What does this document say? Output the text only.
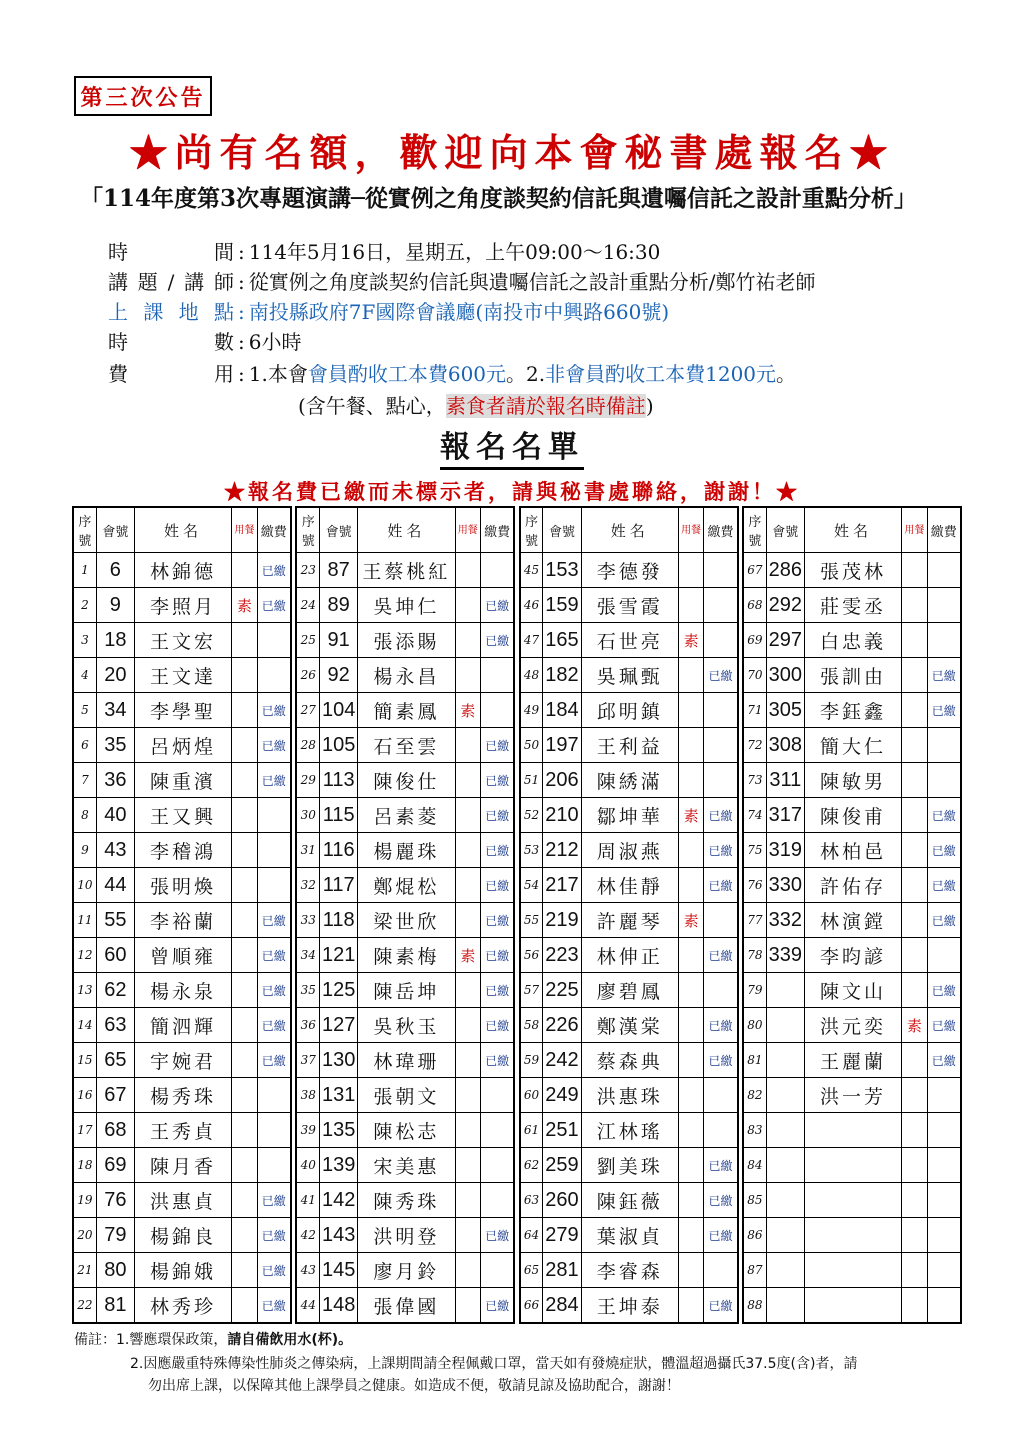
第三次公告
★尚有名額，歡迎向本會秘書處報名★
「114年度第3次專題演講─從實例之角度談契約信託與遺囑信託之設計重點分析」
時間 : 114年5月16日，星期五，上午09:00～16:30
講題/講師 : 從實例之角度談契約信託與遺囑信託之設計重點分析/鄭竹祐老師
上課地點 : 南投縣政府7F國際會議廳(南投市中興路660號)
時數 : 6小時
費用 : 1.本會會員酌收工本費600元。2.非會員酌收工本費1200元。
(含午餐、點心，素食者請於報名時備註)
報名名單
★報名費已繳而未標示者，請與秘書處聯絡，謝謝！★
序號	會號	姓名	用餐	繳費
1	6	林錦德		已繳
2	9	李照月	素	已繳
3	18	王文宏		
4	20	王文達		
5	34	李學聖		已繳
6	35	呂炳煌		已繳
7	36	陳重濱		已繳
8	40	王又興		
9	43	李稽鴻		
10	44	張明煥		
11	55	李裕蘭		已繳
12	60	曾順雍		已繳
13	62	楊永泉		已繳
14	63	簡泗輝		已繳
15	65	宇婉君		已繳
16	67	楊秀珠		
17	68	王秀貞		
18	69	陳月香		
19	76	洪惠貞		已繳
20	79	楊錦良		已繳
21	80	楊錦娥		已繳
22	81	林秀珍		已繳
序號	會號	姓名	用餐	繳費
23	87	王蔡桃紅		
24	89	吳坤仁		已繳
25	91	張添賜		已繳
26	92	楊永昌		
27	104	簡素鳳	素	
28	105	石至雲		已繳
29	113	陳俊仕		已繳
30	115	呂素菱		已繳
31	116	楊麗珠		已繳
32	117	鄭焜松		已繳
33	118	梁世欣		已繳
34	121	陳素梅	素	已繳
35	125	陳岳坤		已繳
36	127	吳秋玉		已繳
37	130	林瑋珊		已繳
38	131	張朝文		
39	135	陳松志		
40	139	宋美惠		
41	142	陳秀珠		
42	143	洪明登		已繳
43	145	廖月鈴		
44	148	張偉國		已繳
序號	會號	姓名	用餐	繳費
45	153	李德發		
46	159	張雪霞		
47	165	石世亮	素	
48	182	吳珮甄		已繳
49	184	邱明鎮		
50	197	王利益		
51	206	陳綉滿		
52	210	鄒坤華	素	已繳
53	212	周淑燕		已繳
54	217	林佳靜		已繳
55	219	許麗琴	素	
56	223	林伸正		已繳
57	225	廖碧鳳		
58	226	鄭漢棠		已繳
59	242	蔡森典		已繳
60	249	洪惠珠		
61	251	江林瑤		
62	259	劉美珠		已繳
63	260	陳鈺薇		已繳
64	279	葉淑貞		已繳
65	281	李睿森		
66	284	王坤泰		已繳
序號	會號	姓名	用餐	繳費
67	286	張茂林		
68	292	莊雯丞		
69	297	白忠義		
70	300	張訓由		已繳
71	305	李鈺鑫		已繳
72	308	簡大仁		
73	311	陳敏男		
74	317	陳俊甫		已繳
75	319	林柏邑		已繳
76	330	許佑存		已繳
77	332	林演鏜		已繳
78	339	李昀諺		
79		陳文山		已繳
80		洪元奕	素	已繳
81		王麗蘭		已繳
82		洪一芳		
83				
84				
85				
86				
87				
88				
備註：1.響應環保政策，請自備飲用水(杯)。
2.因應嚴重特殊傳染性肺炎之傳染病，上課期間請全程佩戴口罩，當天如有發燒症狀，體溫超過攝氏37.5度(含)者，請
勿出席上課，以保障其他上課學員之健康。如造成不便，敬請見諒及協助配合，謝謝！
